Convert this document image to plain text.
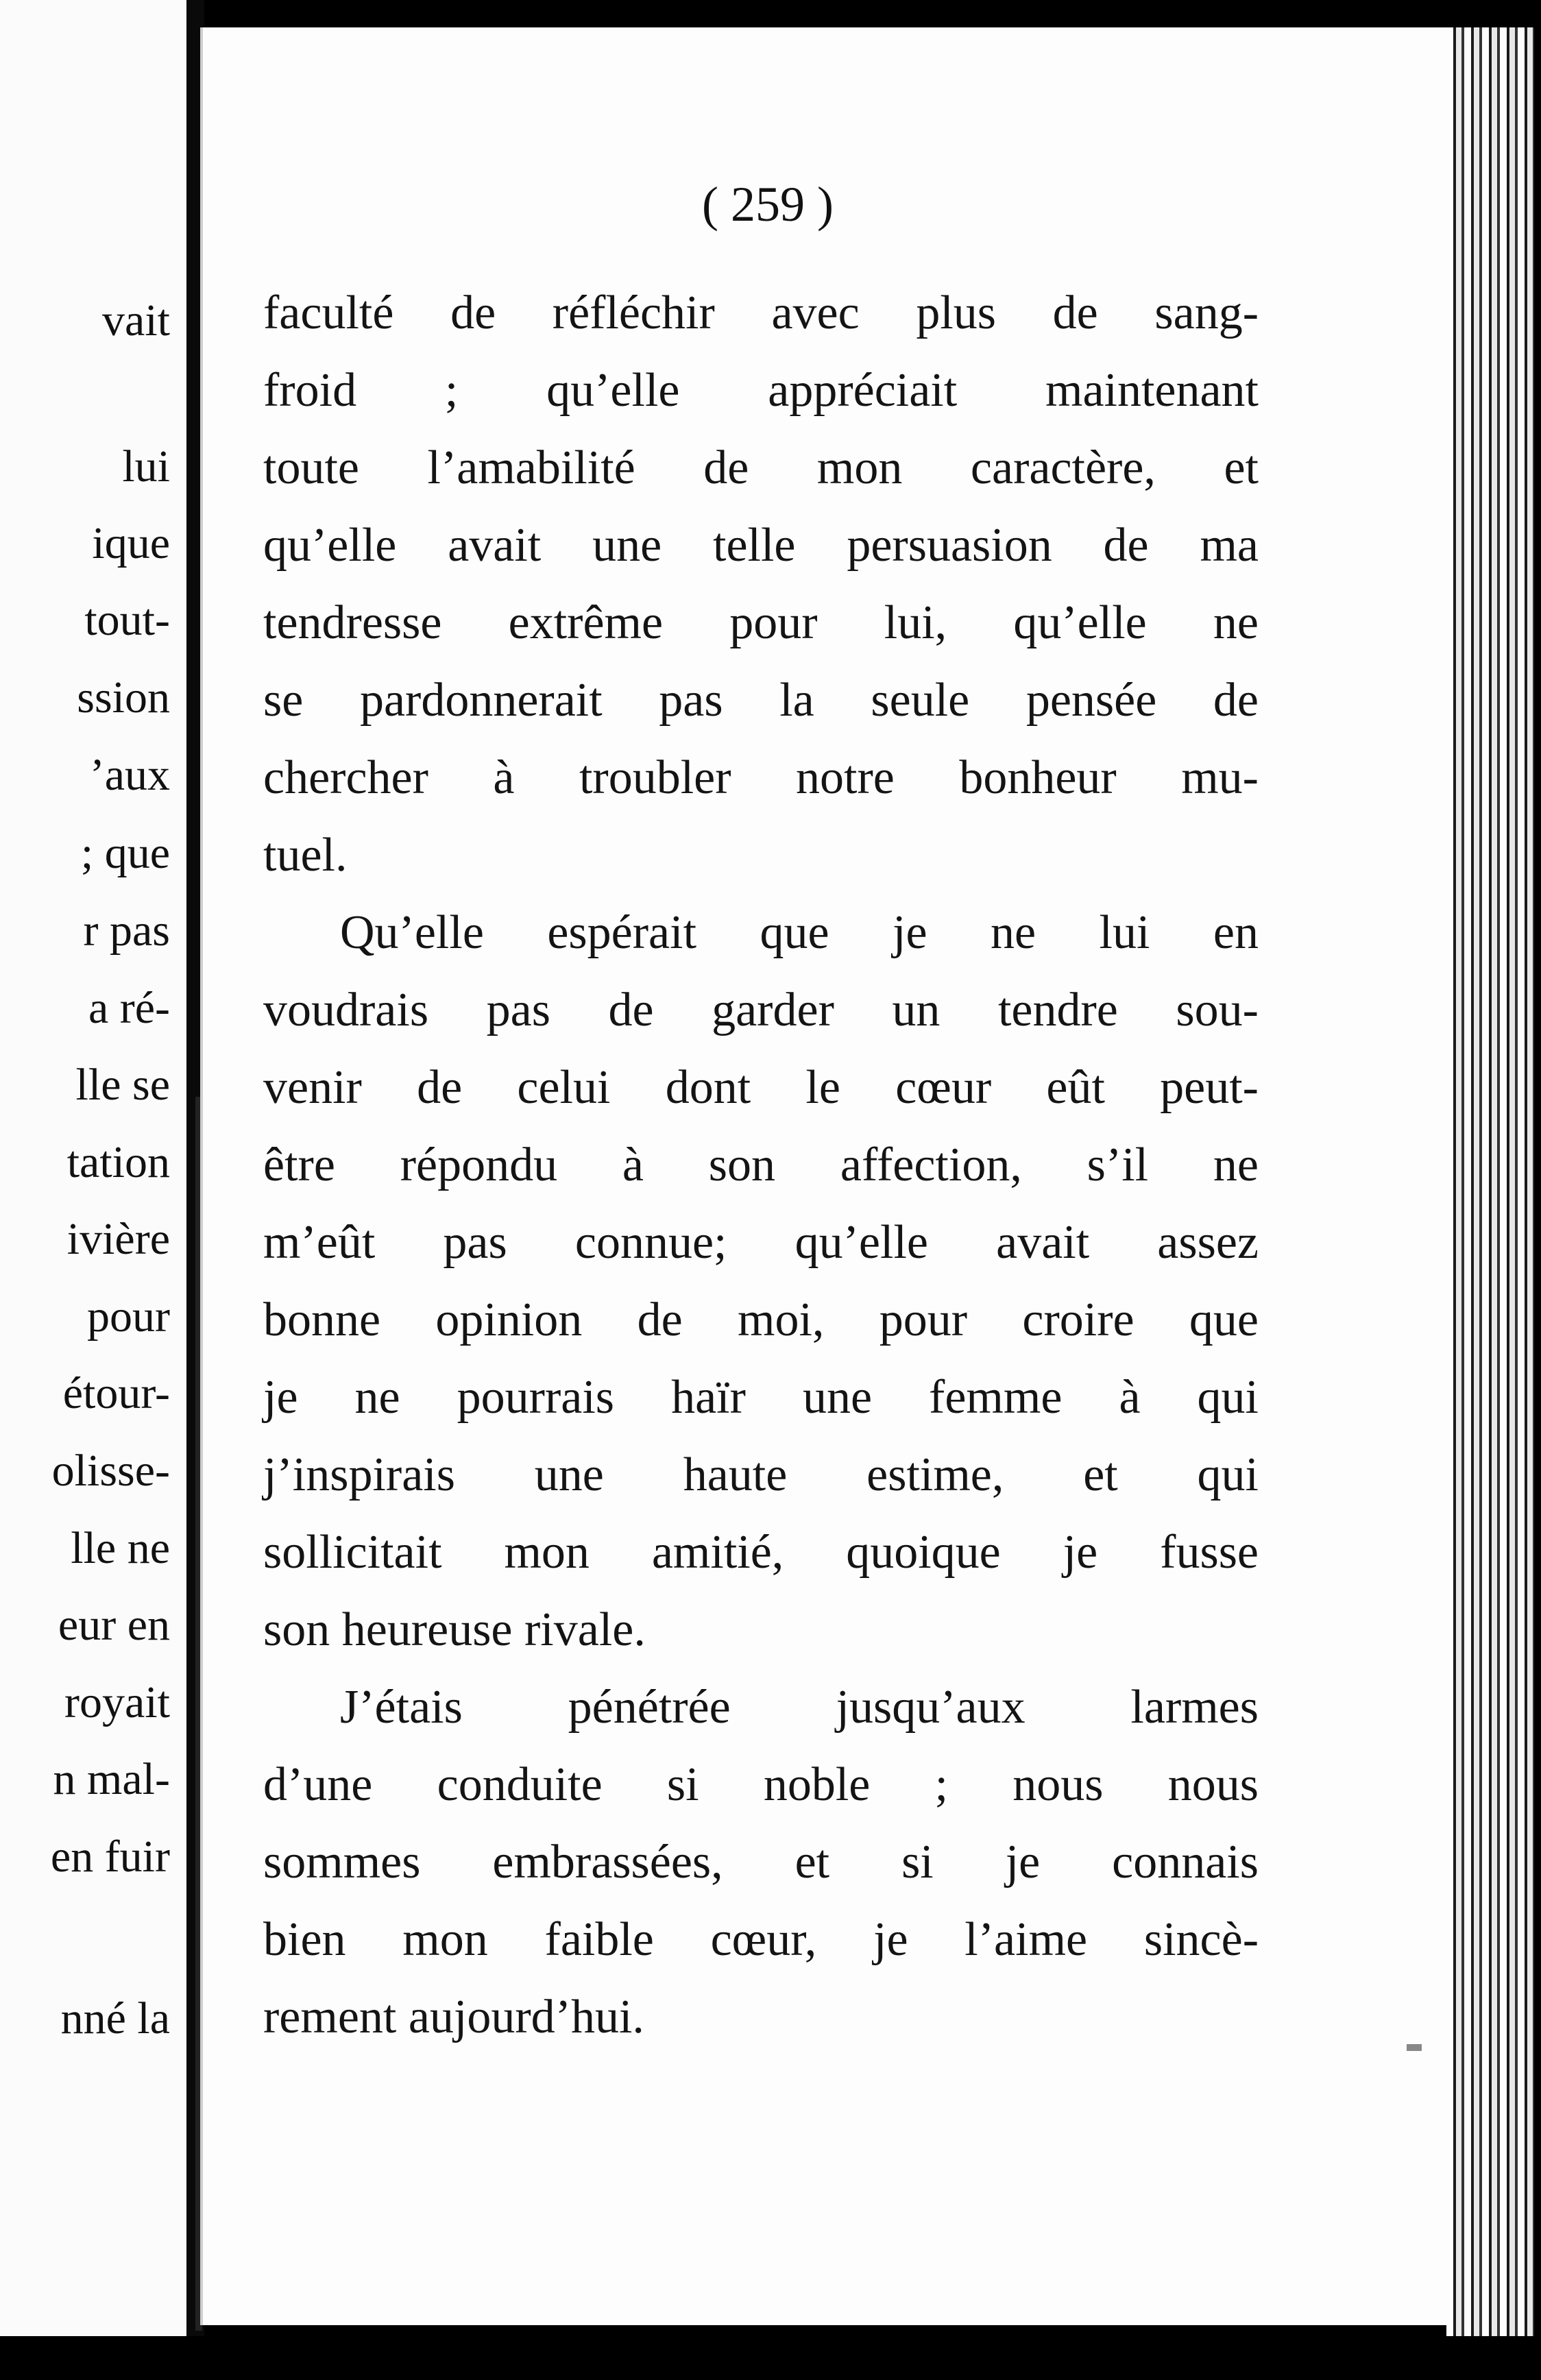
vait
lui
ique
tout-
ssion
’aux
; que
r pas
a ré-
lle se
tation
ivière
pour
étour-
olisse-
lle ne
eur en
royait
n mal-
en fuir
nné la
( 259 )
faculté de réfléchir avec plus de sang-
froid ; qu’elle appréciait maintenant
toute l’amabilité de mon caractère, et
qu’elle avait une telle persuasion de ma
tendresse extrême pour lui, qu’elle ne
se pardonnerait pas la seule pensée de
chercher à troubler notre bonheur mu-
tuel.
Qu’elle espérait que je ne lui en
voudrais pas de garder un tendre sou-
venir de celui dont le cœur eût peut-
être répondu à son affection, s’il ne
m’eût pas connue; qu’elle avait assez
bonne opinion de moi, pour croire que
je ne pourrais haïr une femme à qui
j’inspirais une haute estime, et qui
sollicitait mon amitié, quoique je fusse
son heureuse rivale.
J’étais pénétrée jusqu’aux larmes
d’une conduite si noble ; nous nous
sommes embrassées, et si je connais
bien mon faible cœur, je l’aime sincè-
rement aujourd’hui.
